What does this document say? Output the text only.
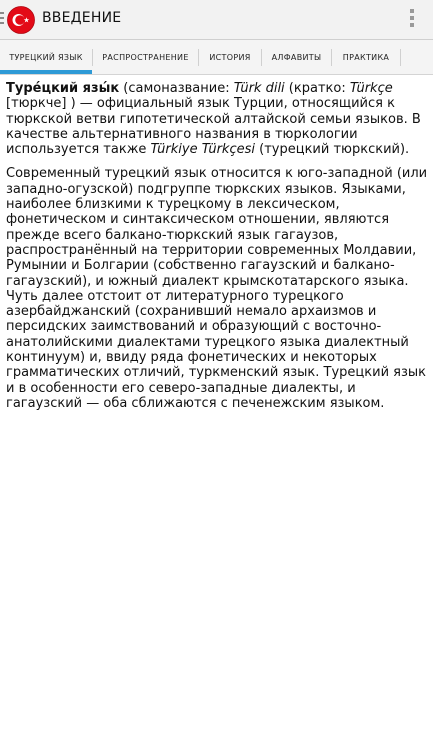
ВВЕДЕНИЕ
ТУРЕЦКИЙ ЯЗЫК	РАСПРОСТРАНЕНИЕ	ИСТОРИЯ	АЛФАВИТЫ	ПРАКТИКА

Туре́цкий язы́к (самоназвание: Türk dili (кратко: Türkçe [тюркче] ) — официальный язык Турции, относящийся к тюркской ветви гипотетической алтайской семьи языков. В качестве альтернативного названия в тюркологии используется также Türkiye Türkçesi (турецкий тюркский).

Современный турецкий язык относится к юго-западной (или западно-огузской) подгруппе тюркских языков. Языками, наиболее близкими к турецкому в лексическом, фонетическом и синтаксическом отношении, являются прежде всего балкано-тюркский язык гагаузов, распространённый на территории современных Молдавии, Румынии и Болгарии (собственно гагаузский и балкано-гагаузский), и южный диалект крымскотатарского языка. Чуть далее отстоит от литературного турецкого азербайджанский (сохранивший немало архаизмов и персидских заимствований и образующий с восточно-анатолийскими диалектами турецкого языка диалектный континуум) и, ввиду ряда фонетических и некоторых грамматических отличий, туркменский язык. Турецкий язык и в особенности его северо-западные диалекты, и гагаузский — оба сближаются с печенежским языком.
